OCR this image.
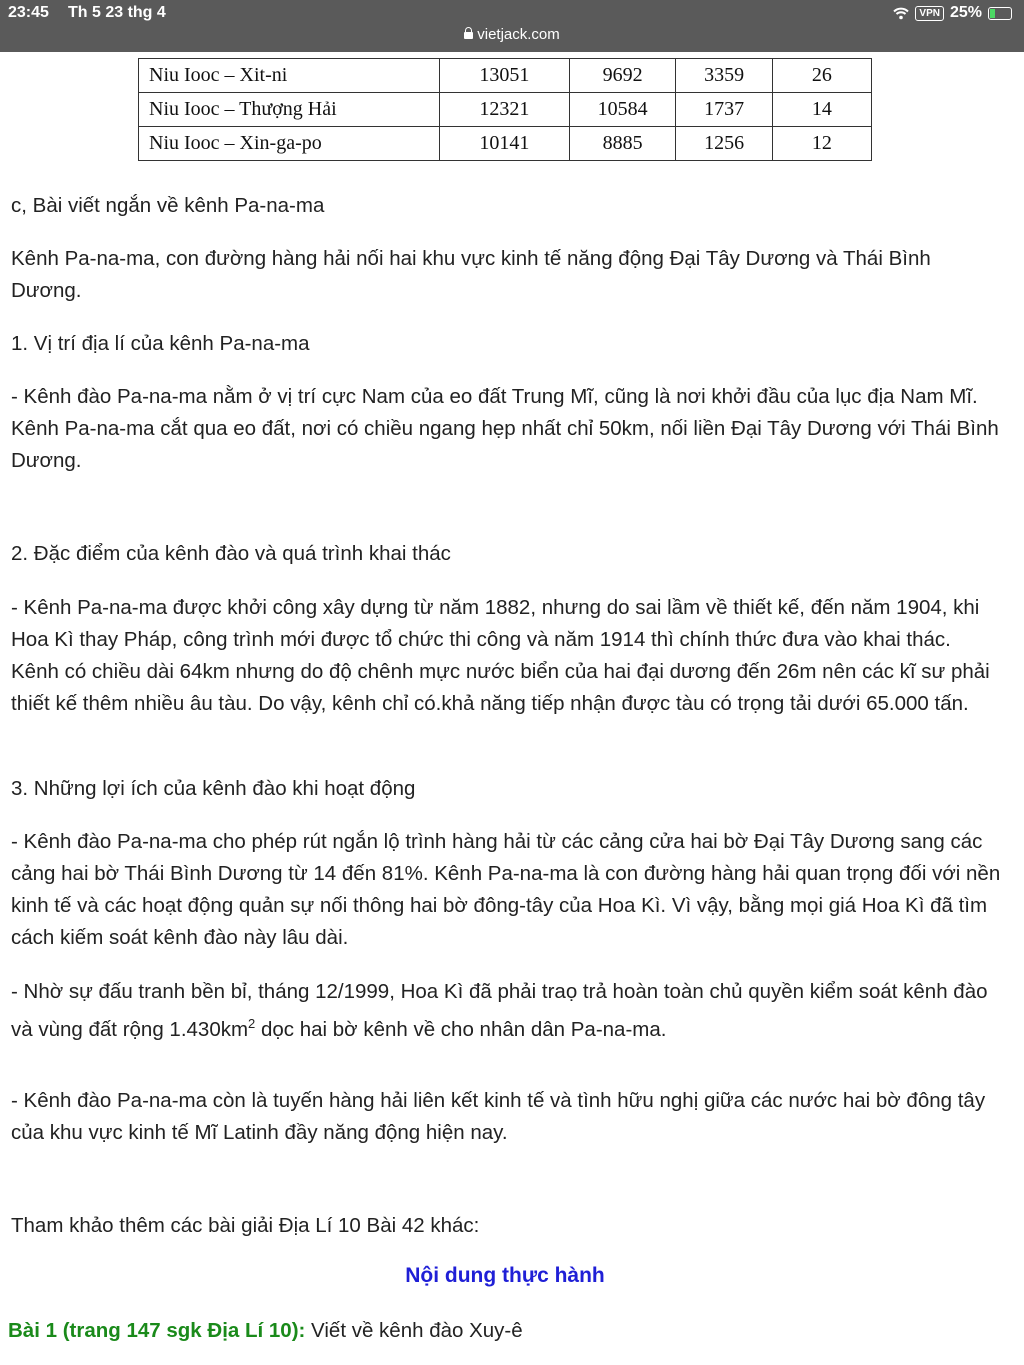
23:45 Th 5 23 thg 4	VPN 25%
vietjack.com
Niu Iooc – Xit-ni	13051	9692	3359	26
Niu Iooc – Thượng Hải	12321	10584	1737	14
Niu Iooc – Xin-ga-po	10141	8885	1256	12

c, Bài viết ngắn về kênh Pa-na-ma

Kênh Pa-na-ma, con đường hàng hải nối hai khu vực kinh tế năng động Đại Tây Dương và Thái Bình Dương.

1. Vị trí địa lí của kênh Pa-na-ma

- Kênh đào Pa-na-ma nằm ở vị trí cực Nam của eo đất Trung Mĩ, cũng là nơi khởi đầu của lục địa Nam Mĩ. Kênh Pa-na-ma cắt qua eo đất, nơi có chiều ngang hẹp nhất chỉ 50km, nối liền Đại Tây Dương với Thái Bình Dương.

2. Đặc điểm của kênh đào và quá trình khai thác

- Kênh Pa-na-ma được khởi công xây dựng từ năm 1882, nhưng do sai lầm về thiết kế, đến năm 1904, khi Hoa Kì thay Pháp, công trình mới được tổ chức thi công và năm 1914 thì chính thức đưa vào khai thác. Kênh có chiều dài 64km nhưng do độ chênh mực nước biển của hai đại dương đến 26m nên các kĩ sư phải thiết kế thêm nhiều âu tàu. Do vậy, kênh chỉ có.khả năng tiếp nhận được tàu có trọng tải dưới 65.000 tấn.

3. Những lợi ích của kênh đào khi hoạt động

- Kênh đào Pa-na-ma cho phép rút ngắn lộ trình hàng hải từ các cảng cửa hai bờ Đại Tây Dương sang các cảng hai bờ Thái Bình Dương từ 14 đến 81%. Kênh Pa-na-ma là con đường hàng hải quan trọng đối với nền kinh tế và các hoạt động quản sự nối thông hai bờ đông-tây của Hoa Kì. Vì vậy, bằng mọi giá Hoa Kì đã tìm cách kiếm soát kênh đào này lâu dài.

- Nhờ sự đấu tranh bền bỉ, tháng 12/1999, Hoa Kì đã phải traọ trả hoàn toàn chủ quyền kiểm soát kênh đào và vùng đất rộng $1.430km^2$ dọc hai bờ kênh về cho nhân dân Pa-na-ma.

- Kênh đào Pa-na-ma còn là tuyến hàng hải liên kết kinh tế và tình hữu nghị giữa các nước hai bờ đông tây của khu vực kinh tế Mĩ Latinh đầy năng động hiện nay.

Tham khảo thêm các bài giải Địa Lí 10 Bài 42 khác:

Nội dung thực hành
Bài 1 (trang 147 sgk Địa Lí 10): Viết về kênh đào Xuy-ê
